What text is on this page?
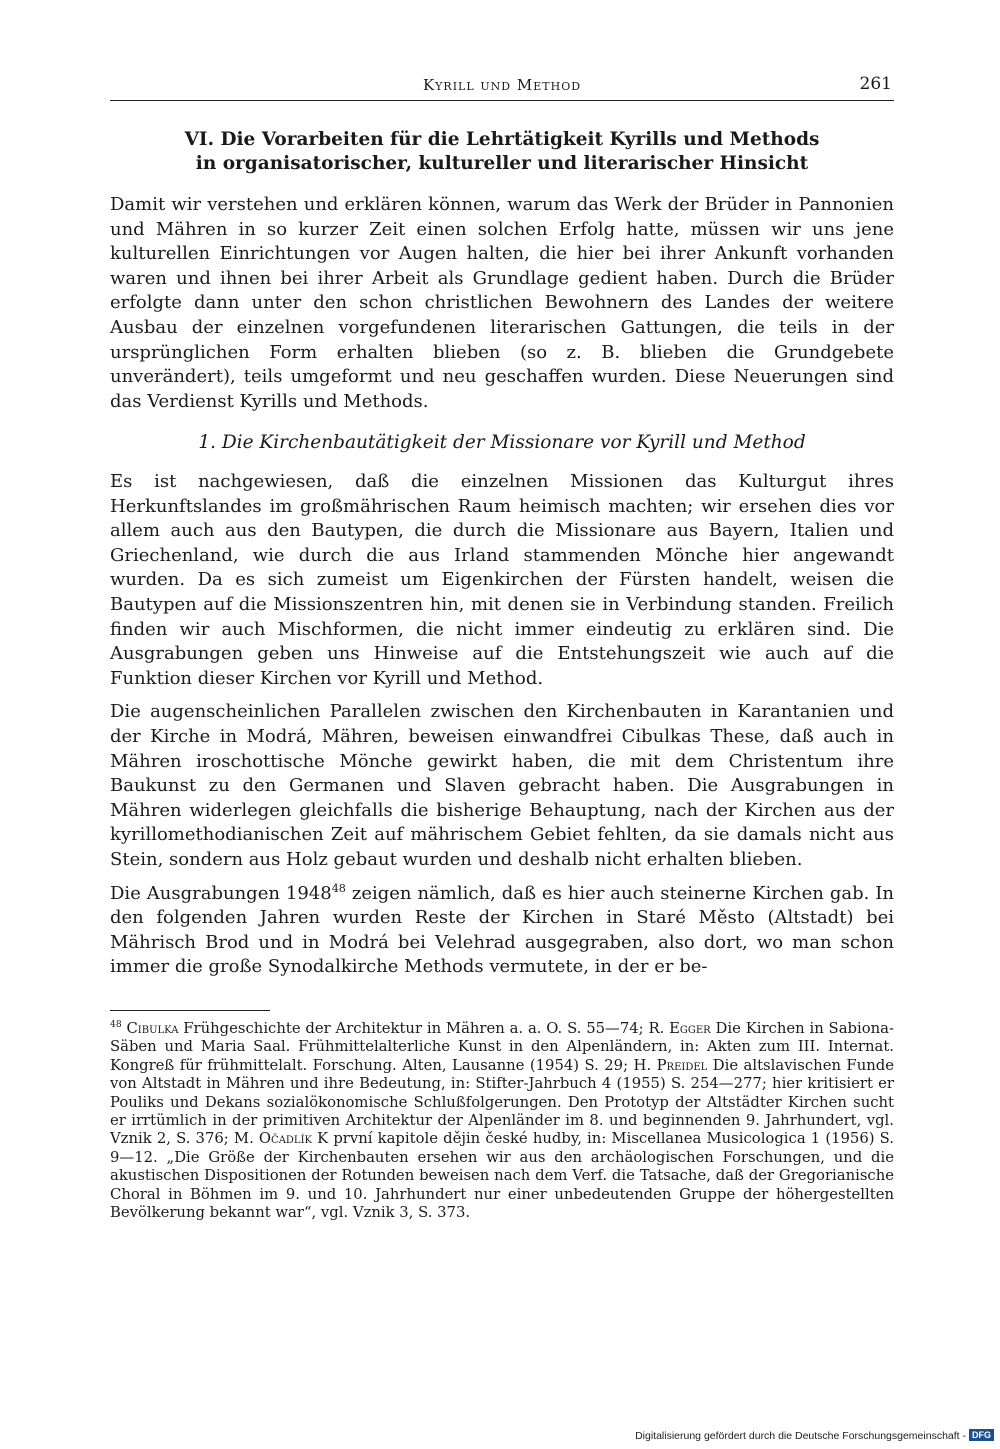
Kyrill und Method	261
VI. Die Vorarbeiten für die Lehrtätigkeit Kyrills und Methods
in organisatorischer, kultureller und literarischer Hinsicht

Damit wir verstehen und erklären können, warum das Werk der Brüder in Pannonien und Mähren in so kurzer Zeit einen solchen Erfolg hatte, müssen wir uns jene kulturellen Einrichtungen vor Augen halten, die hier bei ihrer Ankunft vorhanden waren und ihnen bei ihrer Arbeit als Grundlage gedient haben. Durch die Brüder erfolgte dann unter den schon christlichen Bewohnern des Landes der weitere Ausbau der einzelnen vorgefundenen literarischen Gattungen, die teils in der ursprünglichen Form erhalten blieben (so z. B. blieben die Grundgebete unverändert), teils umgeformt und neu geschaffen wurden. Diese Neuerungen sind das Verdienst Kyrills und Methods.

1. Die Kirchenbautätigkeit der Missionare vor Kyrill und Method

Es ist nachgewiesen, daß die einzelnen Missionen das Kulturgut ihres Herkunftslandes im großmährischen Raum heimisch machten; wir ersehen dies vor allem auch aus den Bautypen, die durch die Missionare aus Bayern, Italien und Griechenland, wie durch die aus Irland stammenden Mönche hier angewandt wurden. Da es sich zumeist um Eigenkirchen der Fürsten handelt, weisen die Bautypen auf die Missionszentren hin, mit denen sie in Verbindung standen. Freilich finden wir auch Mischformen, die nicht immer eindeutig zu erklären sind. Die Ausgrabungen geben uns Hinweise auf die Entstehungszeit wie auch auf die Funktion dieser Kirchen vor Kyrill und Method.

Die augenscheinlichen Parallelen zwischen den Kirchenbauten in Karantanien und der Kirche in Modrá, Mähren, beweisen einwandfrei Cibulkas These, daß auch in Mähren iroschottische Mönche gewirkt haben, die mit dem Christentum ihre Baukunst zu den Germanen und Slaven gebracht haben. Die Ausgrabungen in Mähren widerlegen gleichfalls die bisherige Behauptung, nach der Kirchen aus der kyrillomethodianischen Zeit auf mährischem Gebiet fehlten, da sie damals nicht aus Stein, sondern aus Holz gebaut wurden und deshalb nicht erhalten blieben.

Die Ausgrabungen 1948$^{48}$ zeigen nämlich, daß es hier auch steinerne Kirchen gab. In den folgenden Jahren wurden Reste der Kirchen in Staré Město (Altstadt) bei Mährisch Brod und in Modrá bei Velehrad ausgegraben, also dort, wo man schon immer die große Synodalkirche Methods vermutete, in der er be-

$^{48}$ Cibulka Frühgeschichte der Architektur in Mähren a. a. O. S. 55—74; R. Egger Die Kirchen in Sabiona-Säben und Maria Saal. Frühmittelalterliche Kunst in den Alpenländern, in: Akten zum III. Internat. Kongreß für frühmittelalt. Forschung. Alten, Lausanne (1954) S. 29; H. Preidel Die altslavischen Funde von Altstadt in Mähren und ihre Bedeutung, in: Stifter-Jahrbuch 4 (1955) S. 254—277; hier kritisiert er Pouliks und Dekans sozialökonomische Schlußfolgerungen. Den Prototyp der Altstädter Kirchen sucht er irrtümlich in der primitiven Architektur der Alpenländer im 8. und beginnenden 9. Jahrhundert, vgl. Vznik 2, S. 376; M. Očadlík K první kapitole dějin české hudby, in: Miscellanea Musicologica 1 (1956) S. 9—12. „Die Größe der Kirchenbauten ersehen wir aus den archäologischen Forschungen, und die akustischen Dispositionen der Rotunden beweisen nach dem Verf. die Tatsache, daß der Gregorianische Choral in Böhmen im 9. und 10. Jahrhundert nur einer unbedeutenden Gruppe der höhergestellten Bevölkerung bekannt war“, vgl. Vznik 3, S. 373.
Digitalisierung gefördert durch die Deutsche Forschungsgemeinschaft - DFG
